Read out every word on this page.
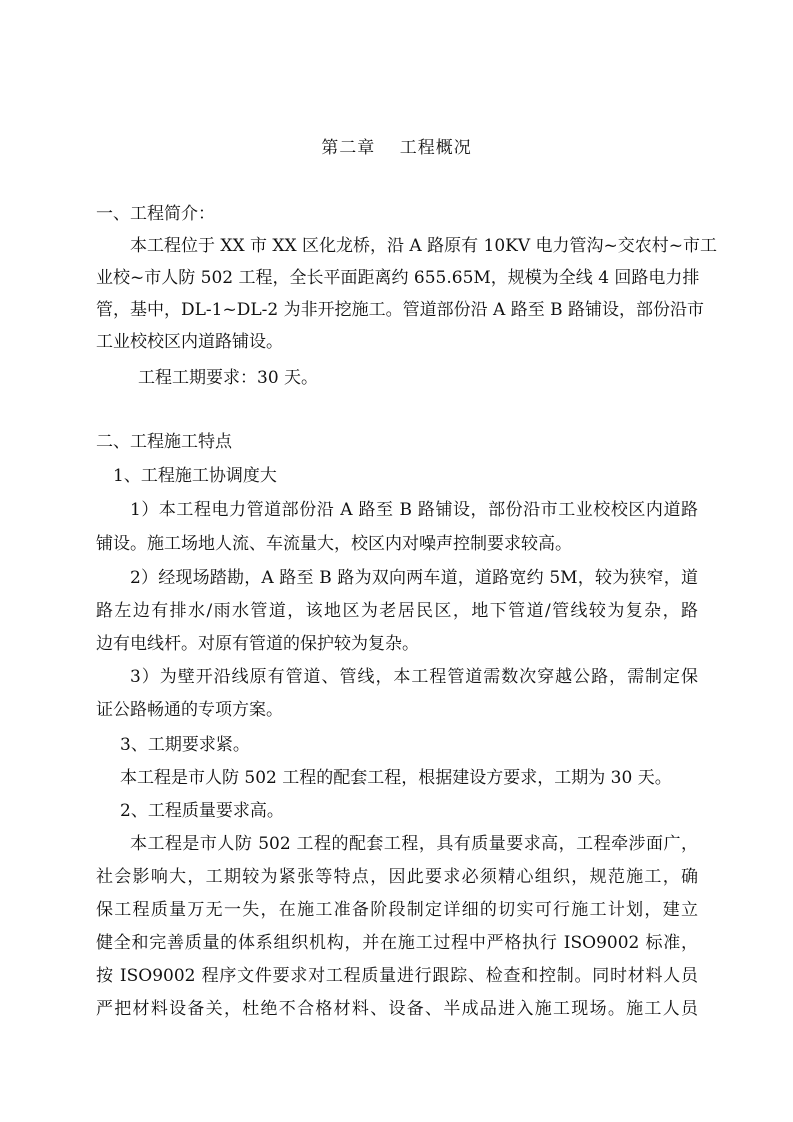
第二章　 工程概况
一、工程简介：
本工程位于 XX 市 XX 区化龙桥，沿 A 路原有 10KV 电力管沟~交农村~市工
业校~市人防 502 工程，全长平面距离约 655.65M，规模为全线 4 回路电力排
管，基中，DL-1~DL-2 为非开挖施工。管道部份沿 A 路至 B 路铺设，部份沿市
工业校校区内道路铺设。
工程工期要求：30 天。
二、工程施工特点
1、工程施工协调度大
1）本工程电力管道部份沿 A 路至 B 路铺设，部份沿市工业校校区内道路
铺设。施工场地人流、车流量大，校区内对噪声控制要求较高。
2）经现场踏勘，A 路至 B 路为双向两车道，道路宽约 5M，较为狭窄，道
路左边有排水/雨水管道，该地区为老居民区，地下管道/管线较为复杂，路
边有电线杆。对原有管道的保护较为复杂。
3）为壁开沿线原有管道、管线，本工程管道需数次穿越公路，需制定保
证公路畅通的专项方案。
3、工期要求紧。
本工程是市人防 502 工程的配套工程，根据建设方要求，工期为 30 天。
2、工程质量要求高。
本工程是市人防 502 工程的配套工程，具有质量要求高，工程牵涉面广，
社会影响大，工期较为紧张等特点，因此要求必须精心组织，规范施工，确
保工程质量万无一失，在施工准备阶段制定详细的切实可行施工计划，建立
健全和完善质量的体系组织机构，并在施工过程中严格执行 ISO9002 标准，
按 ISO9002 程序文件要求对工程质量进行跟踪、检查和控制。同时材料人员
严把材料设备关，杜绝不合格材料、设备、半成品进入施工现场。施工人员
